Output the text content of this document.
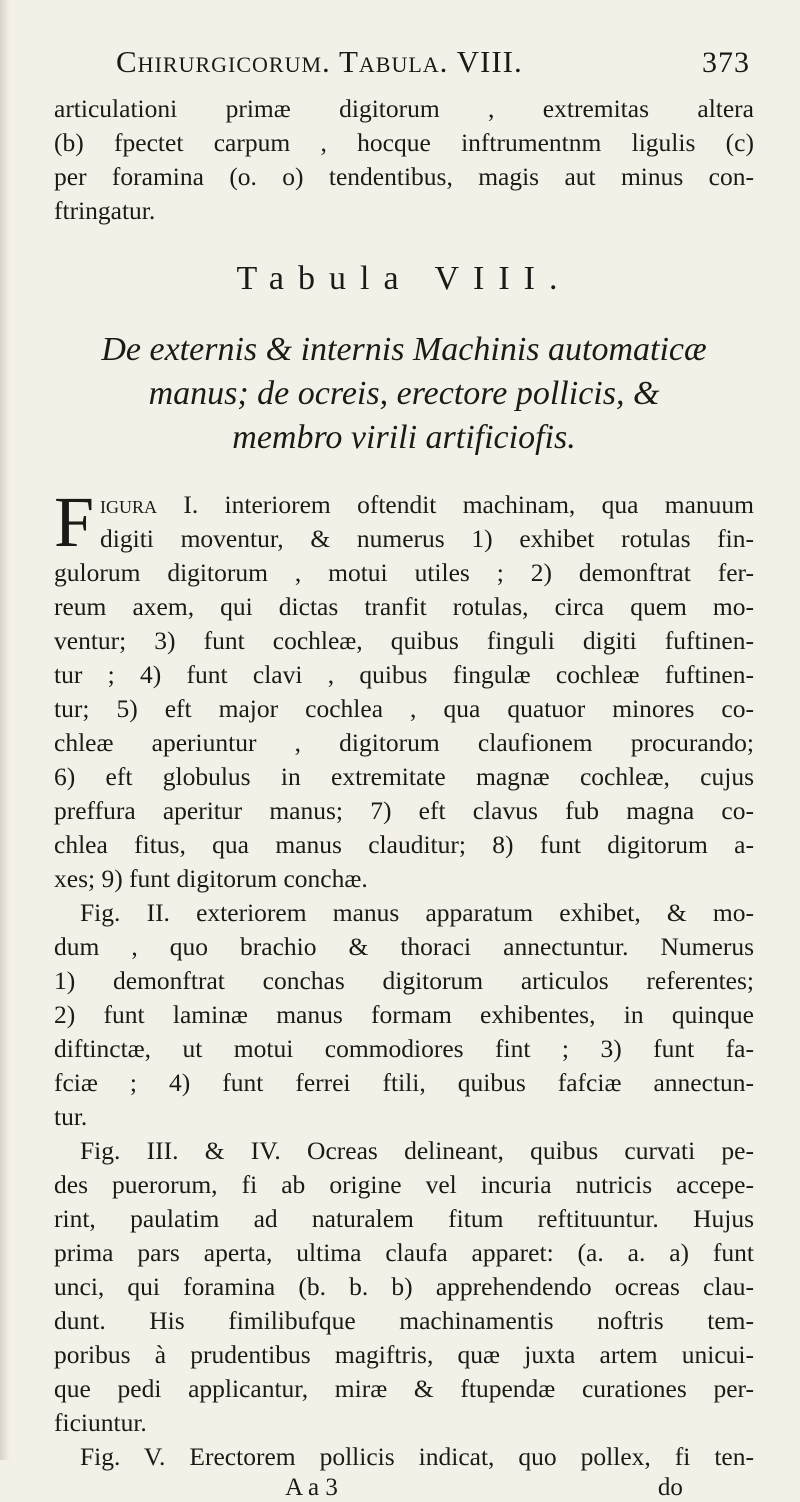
Chirurgicorum. Tabula. VIII.	373

articulationi primæ digitorum , extremitas altera
(b) fpectet carpum , hocque inftrumentnm ligulis (c)
per foramina (o. o) tendentibus, magis aut minus con-
ftringatur.

Tabula VIII.
De externis & internis Machinis automaticæ
manus; de ocreis, erectore pollicis, &
membro virili artificiofis.

F igura I. interiorem oftendit machinam, qua manuum
digiti moventur, & numerus 1) exhibet rotulas fin-
gulorum digitorum , motui utiles ; 2) demonftrat fer-
reum axem, qui dictas tranfit rotulas, circa quem mo-
ventur; 3) funt cochleæ, quibus finguli digiti fuftinen-
tur ; 4) funt clavi , quibus fingulæ cochleæ fuftinen-
tur; 5) eft major cochlea , qua quatuor minores co-
chleæ aperiuntur , digitorum claufionem procurando;
6) eft globulus in extremitate magnæ cochleæ, cujus
preffura aperitur manus; 7) eft clavus fub magna co-
chlea fitus, qua manus clauditur; 8) funt digitorum a-
xes; 9) funt digitorum conchæ.

Fig. II. exteriorem manus apparatum exhibet, & mo-
dum , quo brachio & thoraci annectuntur. Numerus
1) demonftrat conchas digitorum articulos referentes;
2) funt laminæ manus formam exhibentes, in quinque
diftinctæ, ut motui commodiores fint ; 3) funt fa-
fciæ ; 4) funt ferrei ftili, quibus fafciæ annectun-
tur.

Fig. III. & IV. Ocreas delineant, quibus curvati pe-
des puerorum, fi ab origine vel incuria nutricis accepe-
rint, paulatim ad naturalem fitum reftituuntur. Hujus
prima pars aperta, ultima claufa apparet: (a. a. a) funt
unci, qui foramina (b. b. b) apprehendendo ocreas clau-
dunt. His fimilibufque machinamentis noftris tem-
poribus à prudentibus magiftris, quæ juxta artem unicui-
que pedi applicantur, miræ & ftupendæ curationes per-
ficiuntur.

Fig. V. Erectorem pollicis indicat, quo pollex, fi ten-

A a 3	do
